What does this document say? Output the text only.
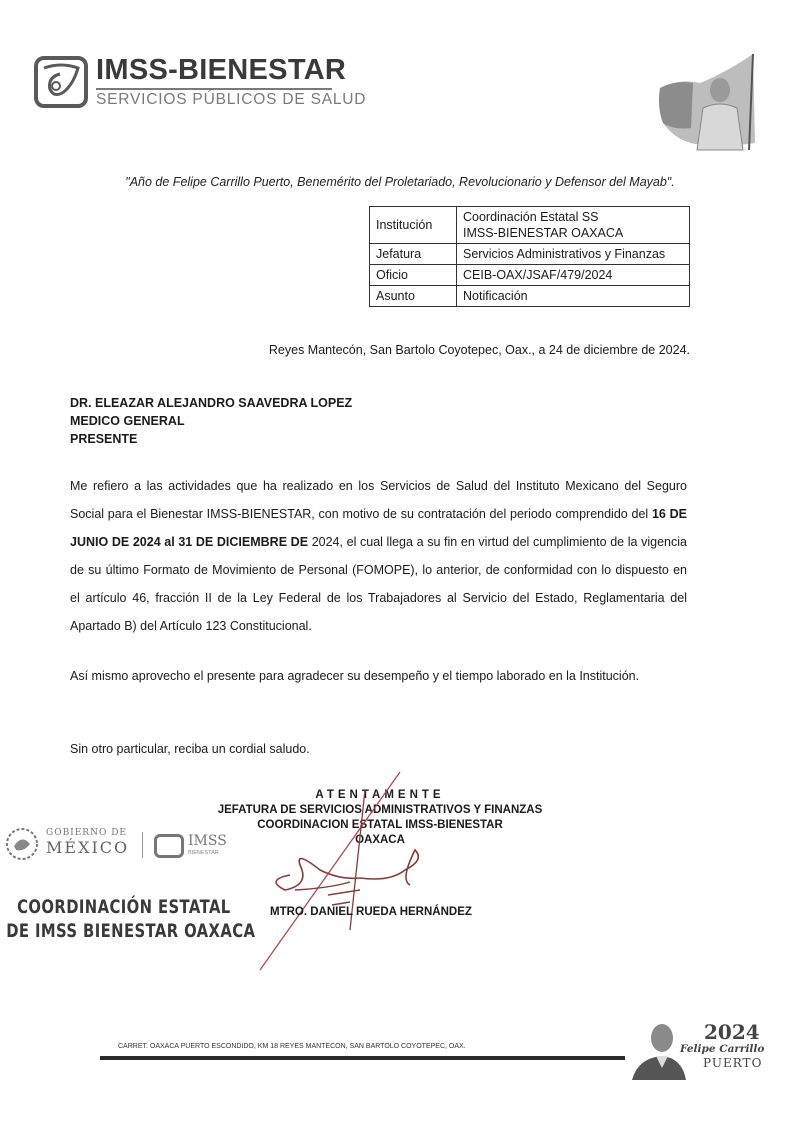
IMSS-BIENESTAR
SERVICIOS PÚBLICOS DE SALUD
"Año de Felipe Carrillo Puerto, Benemérito del Proletariado, Revolucionario y Defensor del Mayab".
Institución	Coordinación Estatal SS
IMSS-BIENESTAR OAXACA

Jefatura	Servicios Administrativos y Finanzas
Oficio	CEIB-OAX/JSAF/479/2024
Asunto	Notificación
Reyes Mantecón, San Bartolo Coyotepec, Oax., a 24 de diciembre de 2024.
DR. ELEAZAR ALEJANDRO SAAVEDRA LOPEZ
MEDICO GENERAL
PRESENTE
Me refiero a las actividades que ha realizado en los Servicios de Salud del Instituto Mexicano del Seguro Social para el Bienestar IMSS-BIENESTAR, con motivo de su contratación del periodo comprendido del 16 DE JUNIO DE 2024 al 31 DE DICIEMBRE DE 2024, el cual llega a su fin en virtud del cumplimiento de la vigencia de su último Formato de Movimiento de Personal (FOMOPE), lo anterior, de conformidad con lo dispuesto en el artículo 46, fracción II de la Ley Federal de los Trabajadores al Servicio del Estado, Reglamentaria del Apartado B) del Artículo 123 Constitucional.
Así mismo aprovecho el presente para agradecer su desempeño y el tiempo laborado en la Institución.
Sin otro particular, reciba un cordial saludo.
ATENTAMENTE
JEFATURA DE SERVICIOS ADMINISTRATIVOS Y FINANZAS
COORDINACION ESTATAL IMSS-BIENESTAR
OAXACA
MTRO. DANIEL RUEDA HERNÁNDEZ
GOBIERNO DE
MÉXICO	IMSS
BIENESTAR
COORDINACIÓN ESTATAL
DE IMSS BIENESTAR OAXACA
CARRET. OAXACA PUERTO ESCONDIDO, KM 18 REYES MANTECON, SAN BARTOLO COYOTEPEC, OAX.
2024
Felipe Carrillo
PUERTO
